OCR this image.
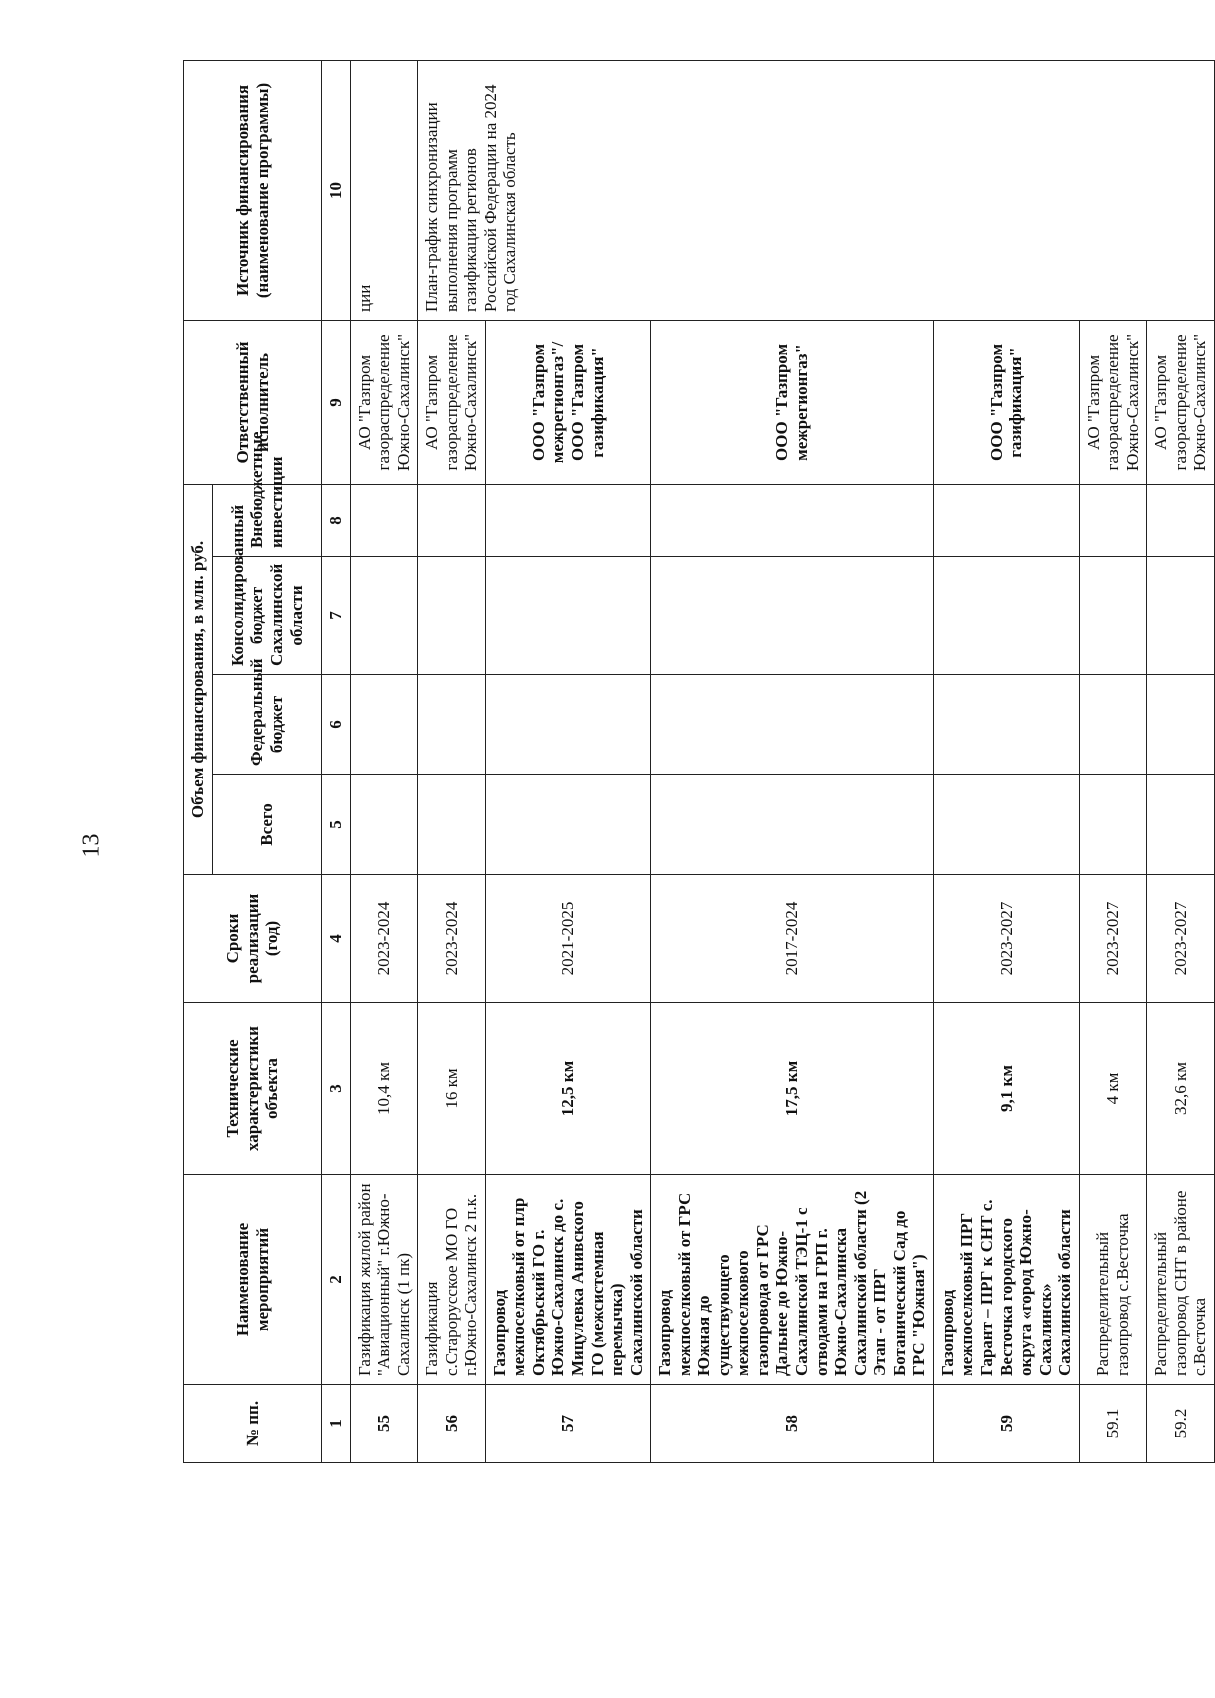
13
№ пп.	Наименование мероприятий	Технические характеристики объекта	Сроки реализации (год)	Объем финансирования, в млн. руб.				Ответственный исполнитель	Источник финансирования (наименование программы)
				Всего	Федеральный бюджет	Консолидированный бюджет Сахалинской области	Внебюджетные инвестиции		
1	2	3	4	5	6	7	8	9	10
55	Газификация жилой район "Авиационный" г.Южно-Сахалинск (1 пк)	10,4 км	2023-2024					АО "Газпром газораспределение Южно-Сахалинск"	ции
56	Газификация с.Старорусское МО ГО г.Южно-Сахалинск 2 п.к.	16 км	2023-2024					АО "Газпром газораспределение Южно-Сахалинск"	План-график синхронизации выполнения программ газификации регионов Российской Федерации на 2024 год Сахалинская область
57	Газопровод межпоселковый от плр Октябрьский ГО г. Южно-Сахалинск до с. Мицулевка Анивского ГО (межсистемная перемычка) Сахалинской области	12,5 км	2021-2025					ООО "Газпром межрегионгаз"/ ООО "Газпром газификация"	
58	Газопровод межпоселковый от ГРС Южная до существующего межпоселкового газопровода от ГРС Дальнее до Южно-Сахалинской ТЭЦ-1 с отводами на ГРП г. Южно-Сахалинска Сахалинской области (2 Этап - от ПРГ Ботанический Сад до ГРС "Южная")	17,5 км	2017-2024					ООО "Газпром межрегионгаз"	
59	Газопровод межпоселковый ПРГ Гарант – ПРГ к СНТ с. Весточка городского округа «город Южно-Сахалинск» Сахалинской области	9,1 км	2023-2027					ООО "Газпром газификация"	
59.1	Распределительный газопровод с.Весточка	4 км	2023-2027					АО "Газпром газораспределение Южно-Сахалинск"	
59.2	Распределительный газопровод СНТ в районе с.Весточка	32,6 км	2023-2027					АО "Газпром газораспределение Южно-Сахалинск"	
